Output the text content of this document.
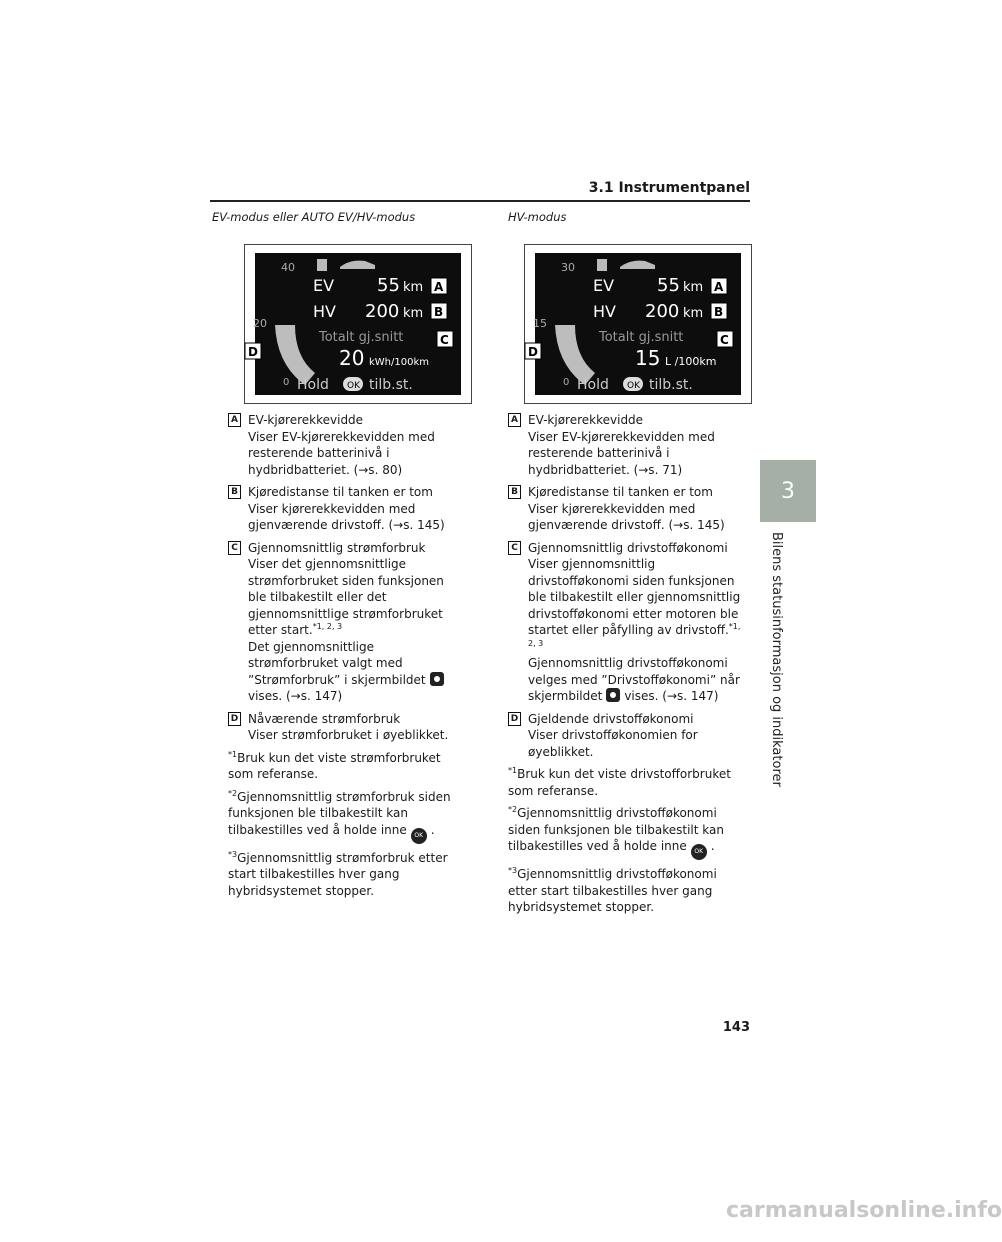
3.1 Instrumentpanel
3
Bilens statusinformasjon og indikatorer
EV-modus eller AUTO EV/HV-modus
40
20
0
EV 55 km
HV 200 km
Totalt gj.snitt
20 kWh/100km
Hold OK tilb.st.
A
B
C
D
A EV-kjørerekkevidde
Viser EV-kjørerekkevidden med resterende batterinivå i hydbridbatteriet. (→s. 80)
B Kjøredistanse til tanken er tom
Viser kjørerekkevidden med gjenværende drivstoff. (→s. 145)
C Gjennomsnittlig strømforbruk
Viser det gjennomsnittlige strømforbruket siden funksjonen ble tilbakestilt eller det gjennomsnittlige strømforbruket etter start.$^{*1, 2, 3}$
Det gjennomsnittlige strømforbruket valgt med ”Strømforbruk” i skjermbildetvises. (→s. 147)
D Nåværende strømforbruk
Viser strømforbruket i øyeblikket.
$^{*1}$Bruk kun det viste strømforbruket som referanse.
$^{*2}$Gjennomsnittlig strømforbruk siden funksjonen ble tilbakestilt kan tilbakestilles ved å holde inne OK .
$^{*3}$Gjennomsnittlig strømforbruk etter start tilbakestilles hver gang hybridsystemet stopper.
HV-modus
30
15
0
EV 55 km
HV 200 km
Totalt gj.snitt
15 L /100km
Hold OK tilb.st.
A
B
C
D
A EV-kjørerekkevidde
Viser EV-kjørerekkevidden med resterende batterinivå i hydbridbatteriet. (→s. 71)
B Kjøredistanse til tanken er tom
Viser kjørerekkevidden med gjenværende drivstoff. (→s. 145)
C Gjennomsnittlig drivstofføkonomi
Viser gjennomsnittlig drivstofføkonomi siden funksjonen ble tilbakestilt eller gjennomsnittlig drivstofføkonomi etter motoren ble startet eller påfylling av drivstoff.$^{*1, 2, 3}$
Gjennomsnittlig drivstofføkonomi velges med ”Drivstofføkonomi” når skjermbildet vises. (→s. 147)
D Gjeldende drivstofføkonomi
Viser drivstofføkonomien for øyeblikket.
$^{*1}$Bruk kun det viste drivstofforbruket som referanse.
$^{*2}$Gjennomsnittlig drivstofføkonomi siden funksjonen ble tilbakestilt kan tilbakestilles ved å holde inne OK .
$^{*3}$Gjennomsnittlig drivstofføkonomi etter start tilbakestilles hver gang hybridsystemet stopper.
143
carmanualsonline.info
